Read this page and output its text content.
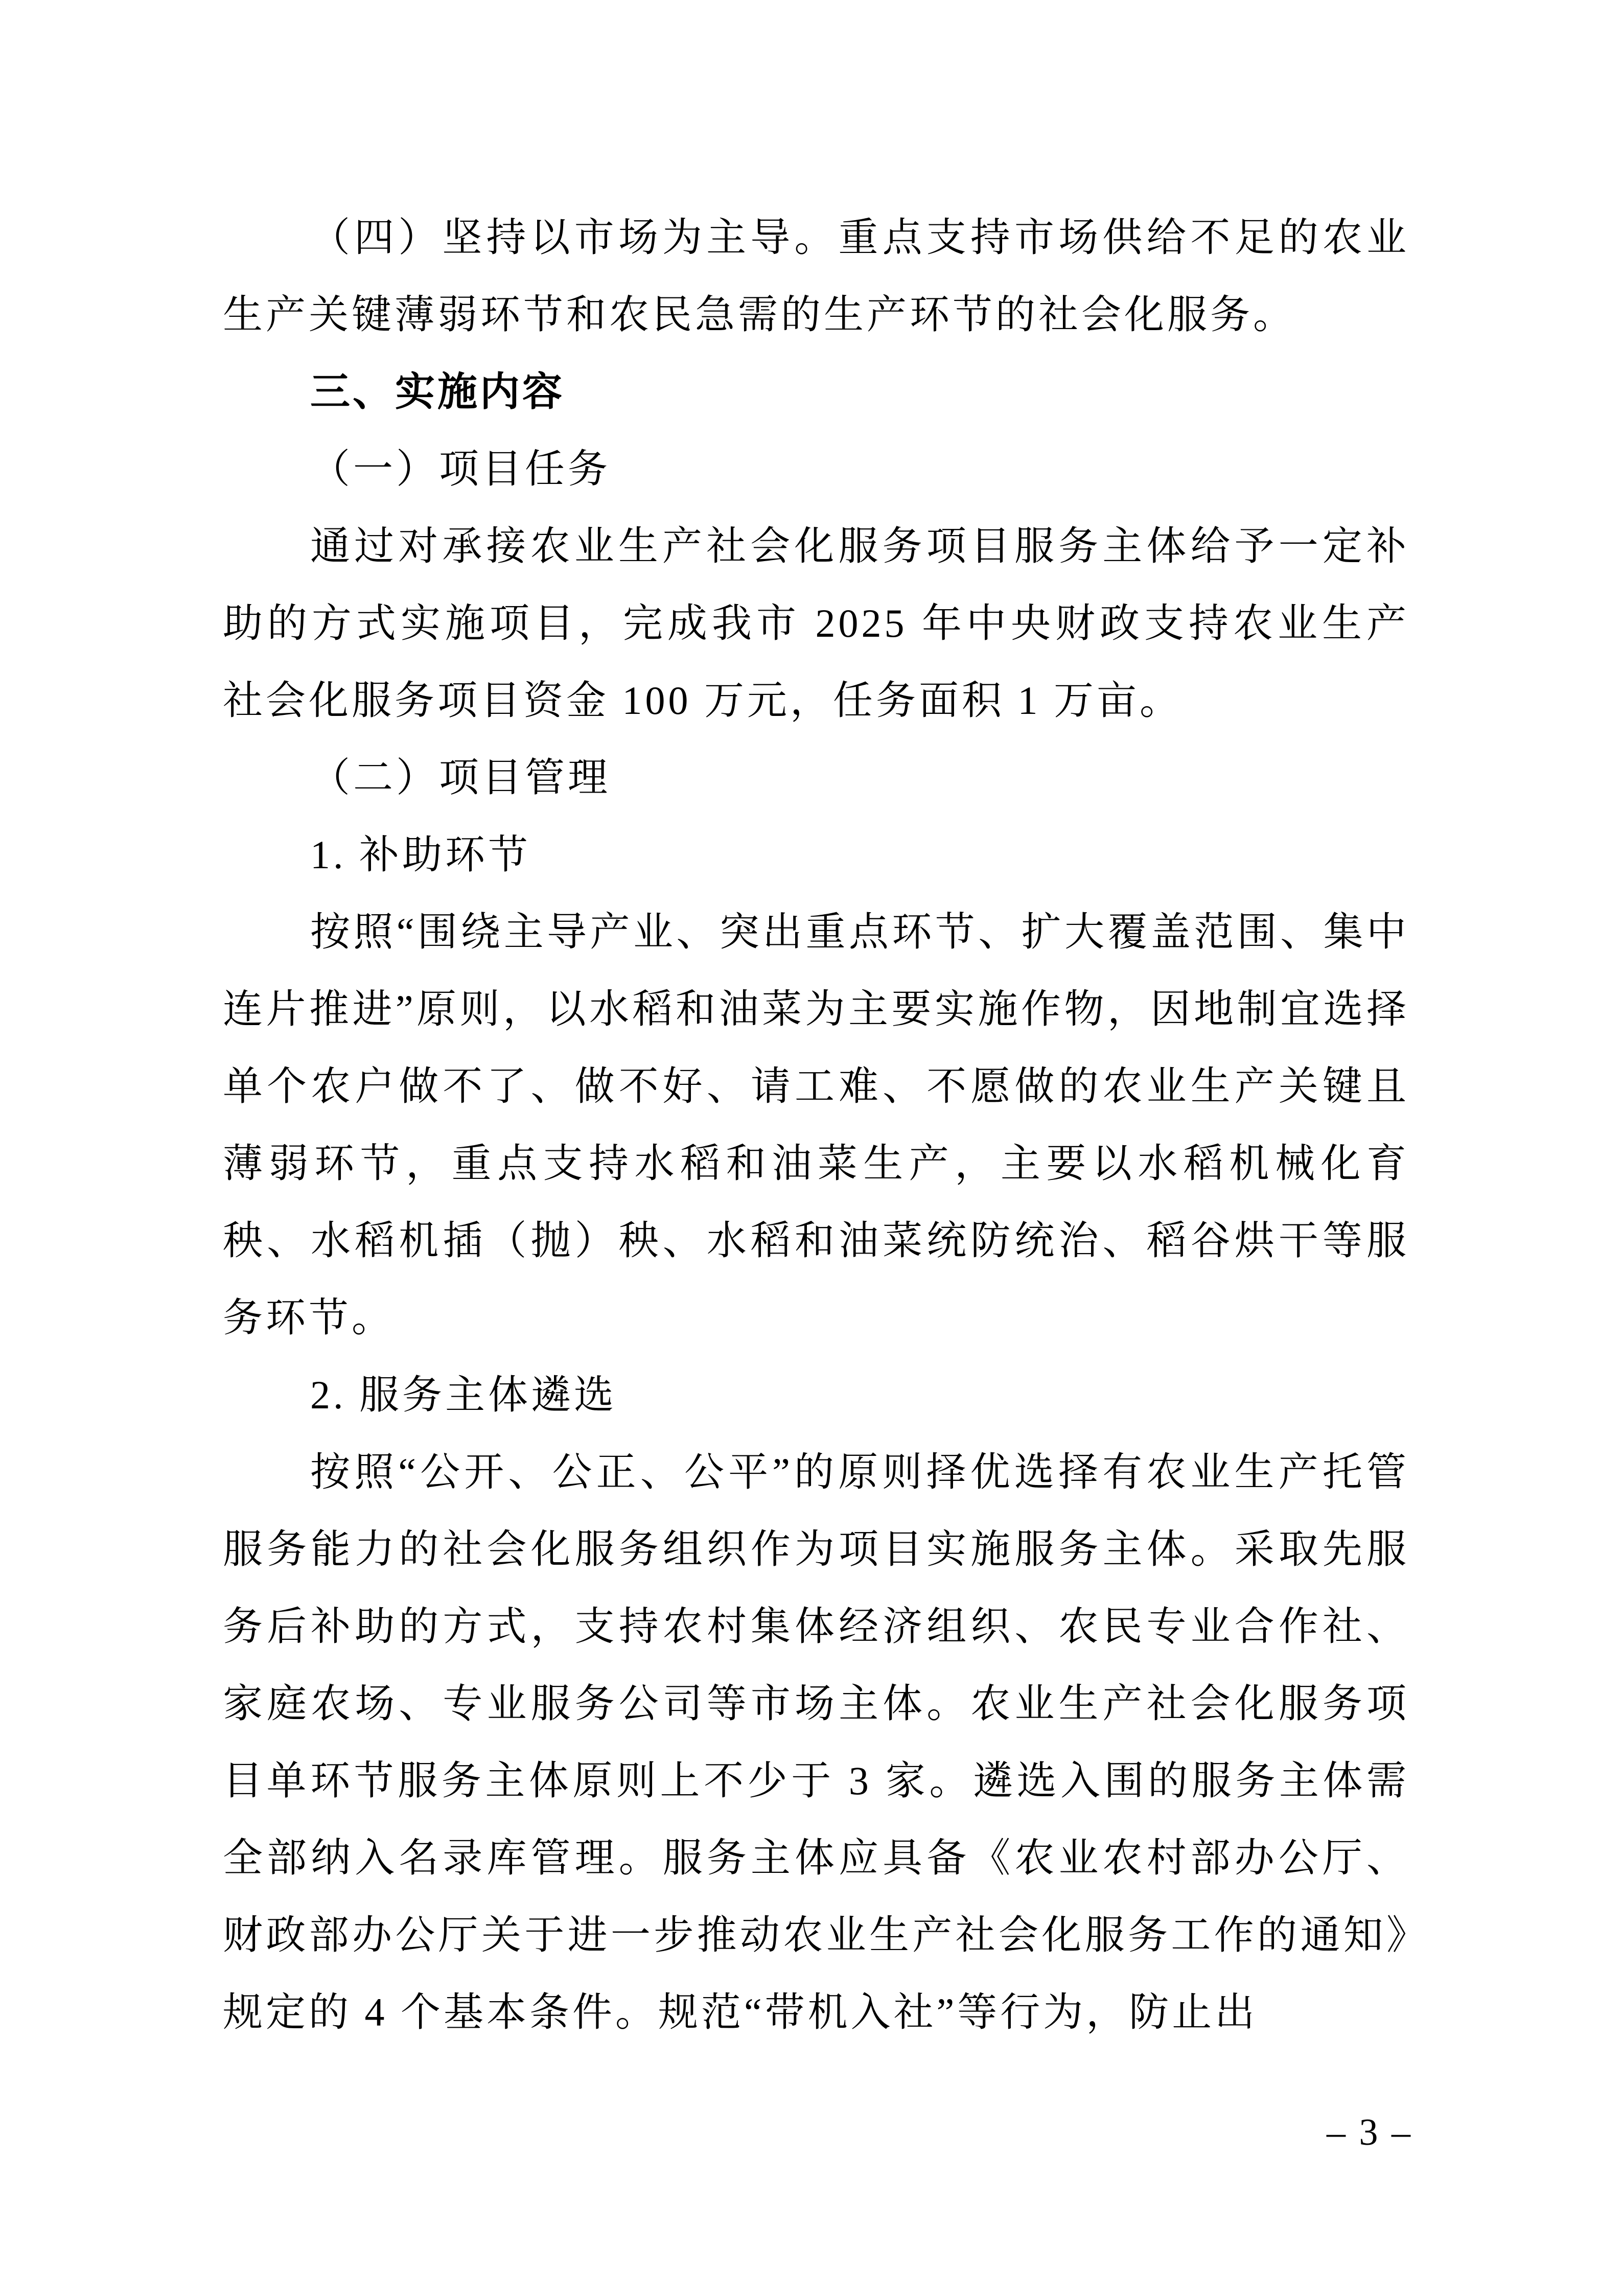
（四）坚持以市场为主导。重点支持市场供给不足的农业生产关键薄弱环节和农民急需的生产环节的社会化服务。

三、实施内容

（一）项目任务

通过对承接农业生产社会化服务项目服务主体给予一定补助的方式实施项目，完成我市 2025 年中央财政支持农业生产社会化服务项目资金 100 万元，任务面积 1 万亩。

（二）项目管理

1. 补助环节

按照“围绕主导产业、突出重点环节、扩大覆盖范围、集中连片推进”原则，以水稻和油菜为主要实施作物，因地制宜选择单个农户做不了、做不好、请工难、不愿做的农业生产关键且薄弱环节，重点支持水稻和油菜生产，主要以水稻机械化育秧、水稻机插（抛）秧、水稻和油菜统防统治、稻谷烘干等服务环节。

2. 服务主体遴选

按照“公开、公正、公平”的原则择优选择有农业生产托管服务能力的社会化服务组织作为项目实施服务主体。采取先服务后补助的方式，支持农村集体经济组织、农民专业合作社、家庭农场、专业服务公司等市场主体。农业生产社会化服务项目单环节服务主体原则上不少于 3 家。遴选入围的服务主体需全部纳入名录库管理。服务主体应具备《农业农村部办公厅、财政部办公厅关于进一步推动农业生产社会化服务工作的通知》规定的 4 个基本条件。规范“带机入社”等行为，防止出

– 3 –
